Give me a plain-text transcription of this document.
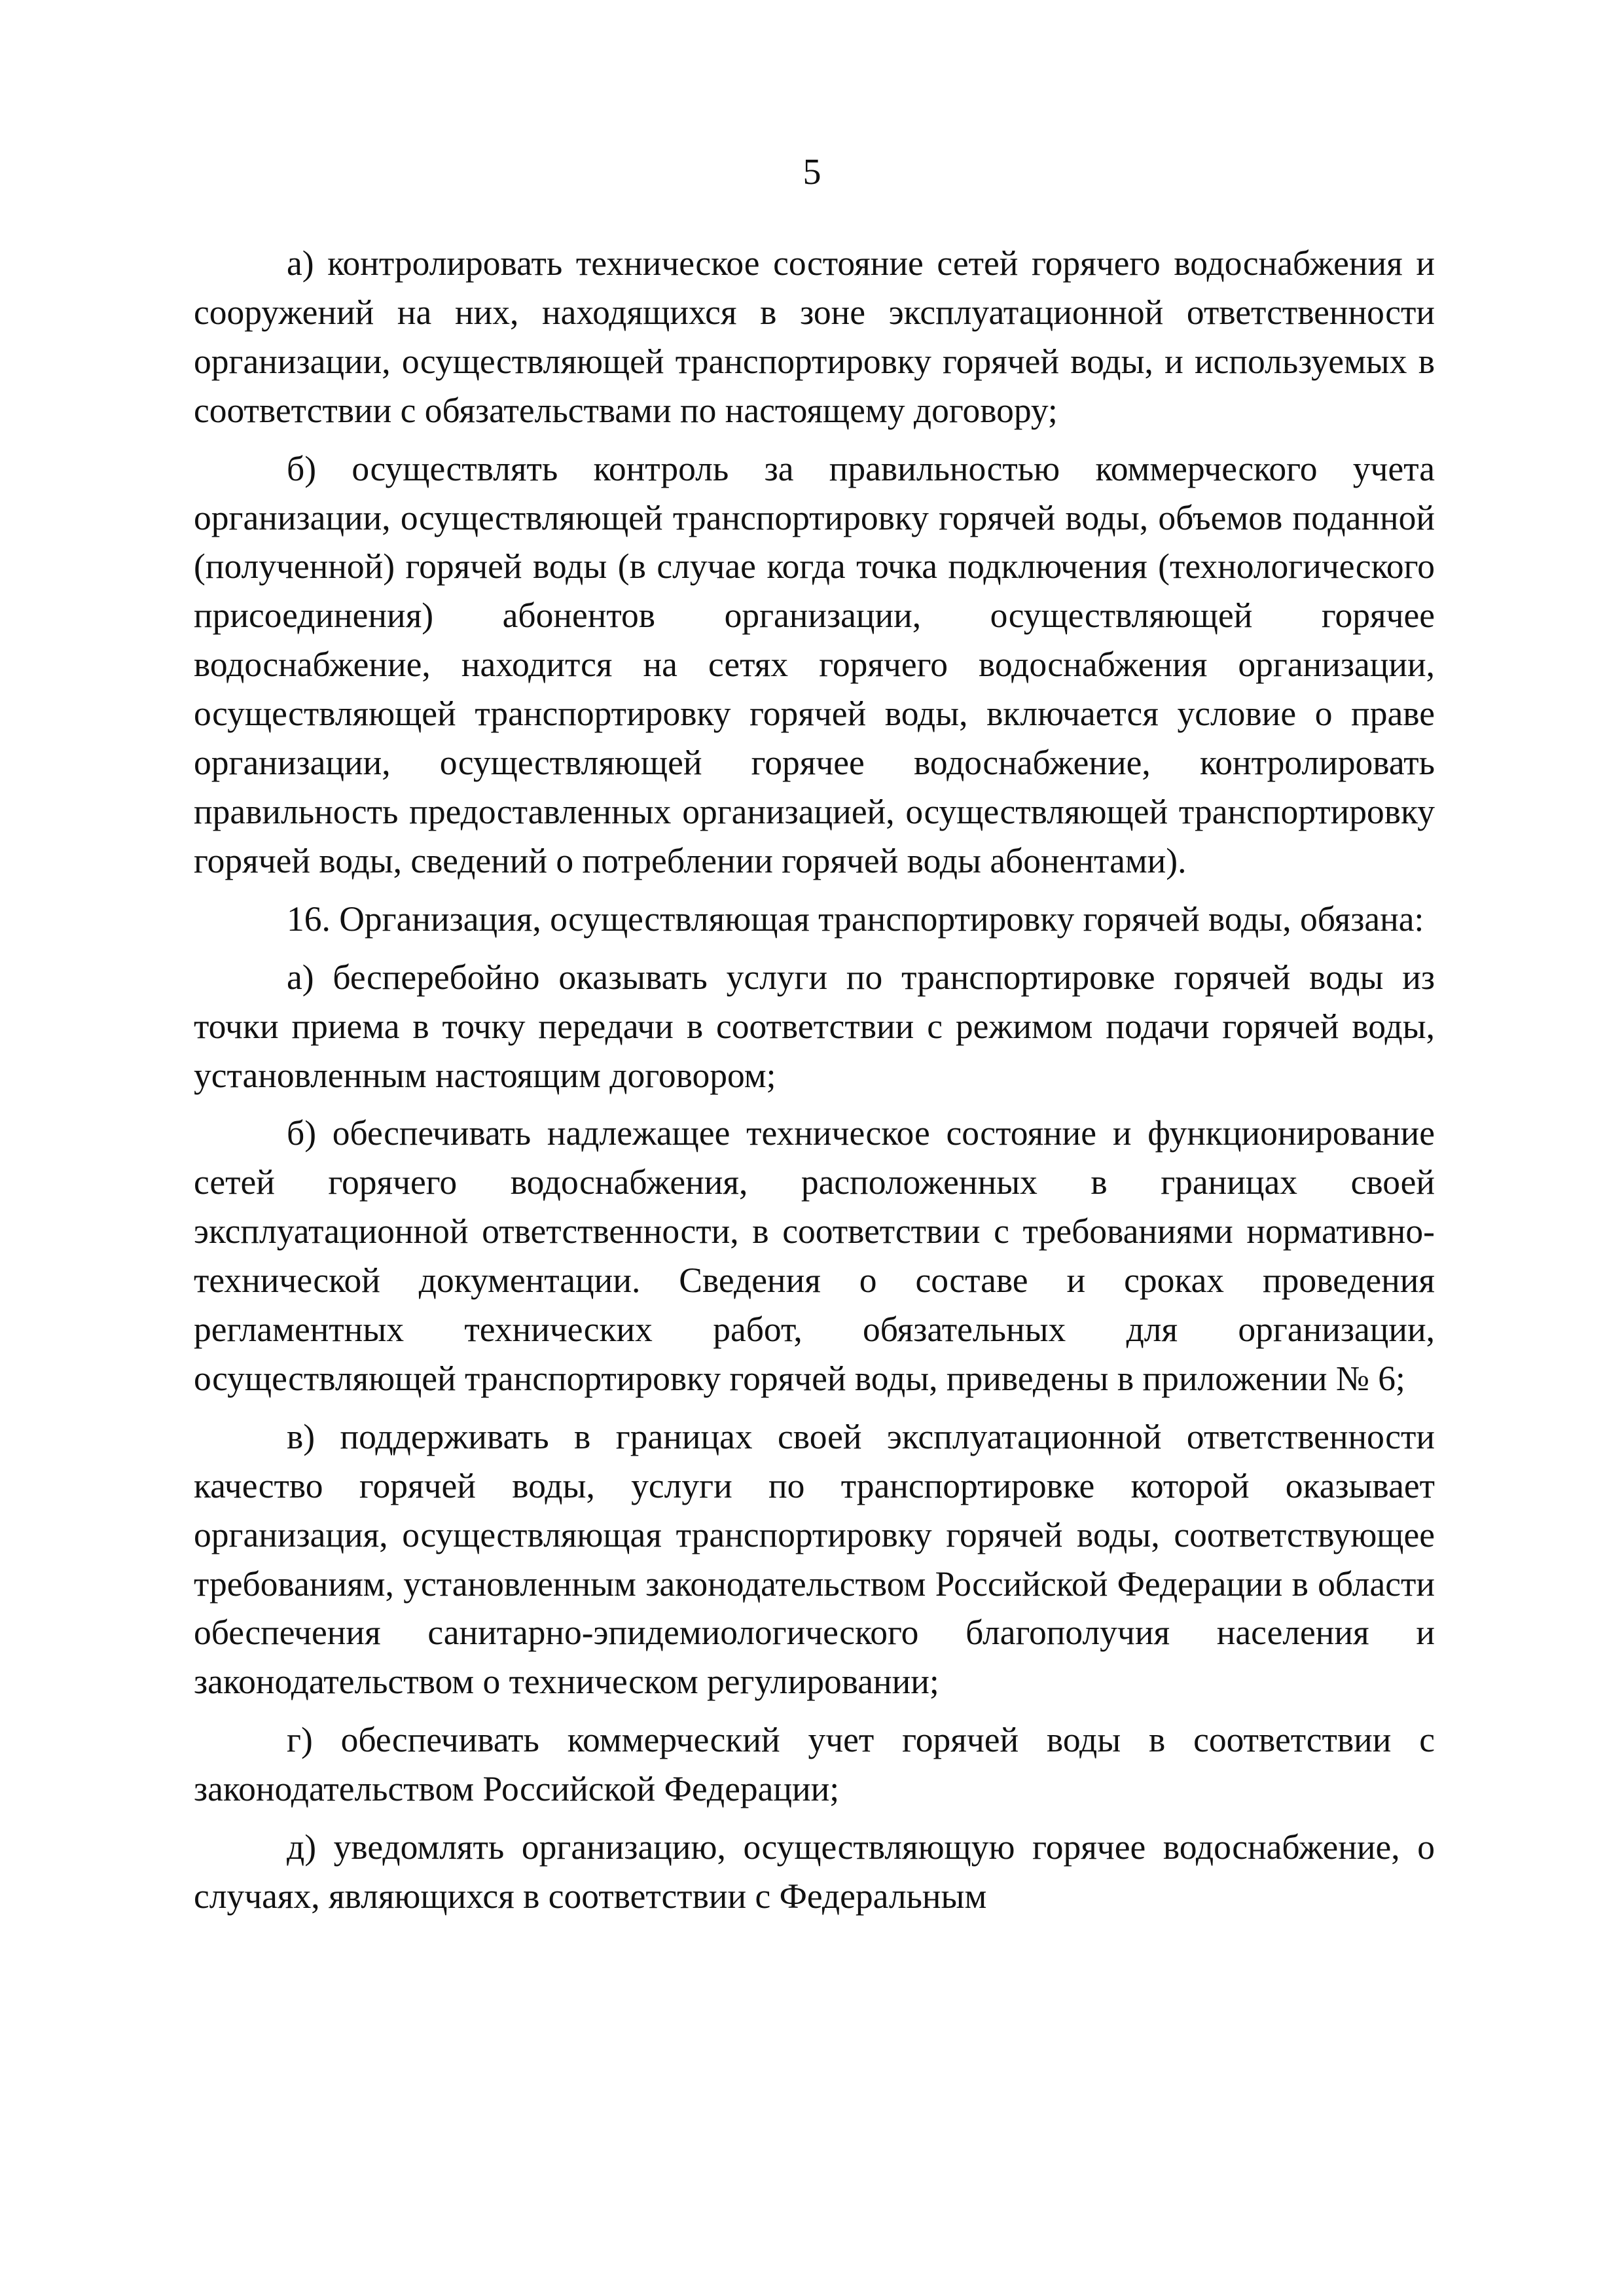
5

а) контролировать техническое состояние сетей горячего водоснабжения и сооружений на них, находящихся в зоне эксплуатационной ответственности организации, осуществляющей транспортировку горячей воды, и используемых в соответствии с обязательствами по настоящему договору;

б) осуществлять контроль за правильностью коммерческого учета организации, осуществляющей транспортировку горячей воды, объемов поданной (полученной) горячей воды (в случае когда точка подключения (технологического присоединения) абонентов организации, осуществляющей горячее водоснабжение, находится на сетях горячего водоснабжения организации, осуществляющей транспортировку горячей воды, включается условие о праве организации, осуществляющей горячее водоснабжение, контролировать правильность предоставленных организацией, осуществляющей транспортировку горячей воды, сведений о потреблении горячей воды абонентами).

16. Организация, осуществляющая транспортировку горячей воды, обязана:

а) бесперебойно оказывать услуги по транспортировке горячей воды из точки приема в точку передачи в соответствии с режимом подачи горячей воды, установленным настоящим договором;

б) обеспечивать надлежащее техническое состояние и функционирование сетей горячего водоснабжения, расположенных в границах своей эксплуатационной ответственности, в соответствии с требованиями нормативно-технической документации. Сведения о составе и сроках проведения регламентных технических работ, обязательных для организации, осуществляющей транспортировку горячей воды, приведены в приложении № 6;

в) поддерживать в границах своей эксплуатационной ответственности качество горячей воды, услуги по транспортировке которой оказывает организация, осуществляющая транспортировку горячей воды, соответствующее требованиям, установленным законодательством Российской Федерации в области обеспечения санитарно-эпидемиологического благополучия населения и законодательством о техническом регулировании;

г) обеспечивать коммерческий учет горячей воды в соответствии с законодательством Российской Федерации;

д) уведомлять организацию, осуществляющую горячее водоснабжение, о случаях, являющихся в соответствии с Федеральным
